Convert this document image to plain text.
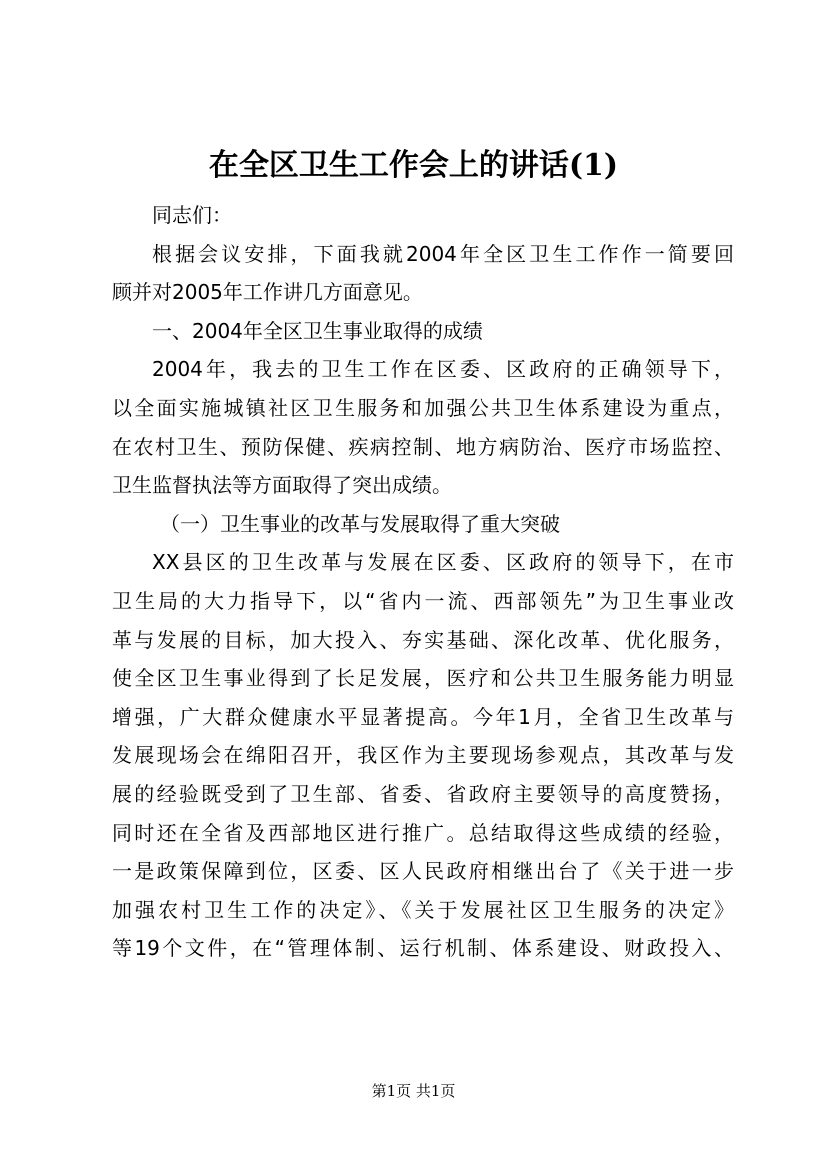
在全区卫生工作会上的讲话(1)
同志们：
根据会议安排，下面我就2004年全区卫生工作作一简要回
顾并对2005年工作讲几方面意见。
一、2004年全区卫生事业取得的成绩
2004年，我去的卫生工作在区委、区政府的正确领导下，
以全面实施城镇社区卫生服务和加强公共卫生体系建设为重点，
在农村卫生、预防保健、疾病控制、地方病防治、医疗市场监控、
卫生监督执法等方面取得了突出成绩。
（一）卫生事业的改革与发展取得了重大突破
XX县区的卫生改革与发展在区委、区政府的领导下，在市
卫生局的大力指导下，以“省内一流、西部领先”为卫生事业改
革与发展的目标，加大投入、夯实基础、深化改革、优化服务，
使全区卫生事业得到了长足发展，医疗和公共卫生服务能力明显
增强，广大群众健康水平显著提高。今年1月，全省卫生改革与
发展现场会在绵阳召开，我区作为主要现场参观点，其改革与发
展的经验既受到了卫生部、省委、省政府主要领导的高度赞扬，
同时还在全省及西部地区进行推广。总结取得这些成绩的经验，
一是政策保障到位，区委、区人民政府相继出台了《关于进一步
加强农村卫生工作的决定》、《关于发展社区卫生服务的决定》
等19个文件，在“管理体制、运行机制、体系建设、财政投入、
第1页 共1页
